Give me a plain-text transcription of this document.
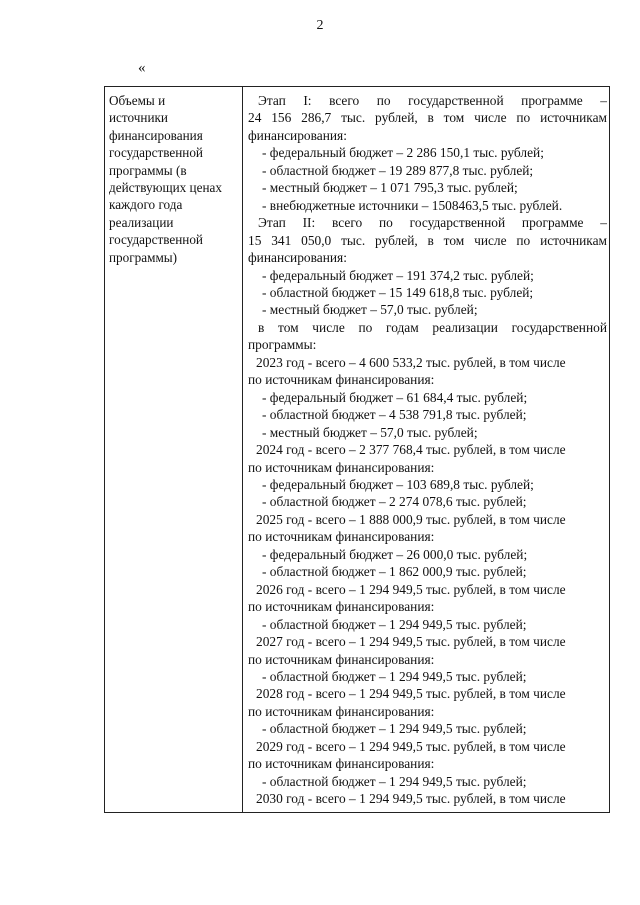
2
«
Объемы и
источники
финансирования
государственной
программы (в
действующих ценах
каждого года
реализации
государственной
программы)
Этап I: всего по государственной программе –
24 156 286,7 тыс. рублей, в том числе по источникам
финансирования:
- федеральный бюджет – 2 286 150,1 тыс. рублей;
- областной бюджет – 19 289 877,8 тыс. рублей;
- местный бюджет – 1 071 795,3 тыс. рублей;
- внебюджетные источники – 1508463,5 тыс. рублей.
Этап II: всего по государственной программе –
15 341 050,0 тыс. рублей, в том числе по источникам
финансирования:
- федеральный бюджет – 191 374,2 тыс. рублей;
- областной бюджет – 15 149 618,8 тыс. рублей;
- местный бюджет – 57,0 тыс. рублей;
в том числе по годам реализации государственной
программы:
2023 год - всего – 4 600 533,2 тыс. рублей, в том числе
по источникам финансирования:
- федеральный бюджет – 61 684,4 тыс. рублей;
- областной бюджет – 4 538 791,8 тыс. рублей;
- местный бюджет – 57,0 тыс. рублей;
2024 год - всего – 2 377 768,4 тыс. рублей, в том числе
по источникам финансирования:
- федеральный бюджет – 103 689,8 тыс. рублей;
- областной бюджет – 2 274 078,6 тыс. рублей;
2025 год - всего – 1 888 000,9 тыс. рублей, в том числе
по источникам финансирования:
- федеральный бюджет – 26 000,0 тыс. рублей;
- областной бюджет – 1 862 000,9 тыс. рублей;
2026 год - всего – 1 294 949,5 тыс. рублей, в том числе
по источникам финансирования:
- областной бюджет – 1 294 949,5 тыс. рублей;
2027 год - всего – 1 294 949,5 тыс. рублей, в том числе
по источникам финансирования:
- областной бюджет – 1 294 949,5 тыс. рублей;
2028 год - всего – 1 294 949,5 тыс. рублей, в том числе
по источникам финансирования:
- областной бюджет – 1 294 949,5 тыс. рублей;
2029 год - всего – 1 294 949,5 тыс. рублей, в том числе
по источникам финансирования:
- областной бюджет – 1 294 949,5 тыс. рублей;
2030 год - всего – 1 294 949,5 тыс. рублей, в том числе
